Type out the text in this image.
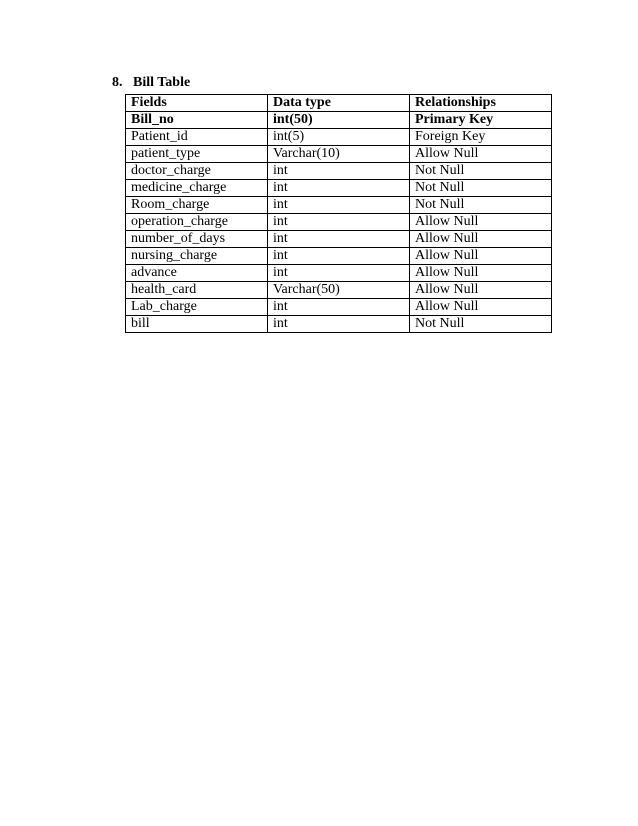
8. Bill Table
Fields	Data type	Relationships
Bill_no	int(50)	Primary Key
Patient_id	int(5)	Foreign Key
patient_type	Varchar(10)	Allow Null
doctor_charge	int	Not Null
medicine_charge	int	Not Null
Room_charge	int	Not Null
operation_charge	int	Allow Null
number_of_days	int	Allow Null
nursing_charge	int	Allow Null
advance	int	Allow Null
health_card	Varchar(50)	Allow Null
Lab_charge	int	Allow Null
bill	int	Not Null
